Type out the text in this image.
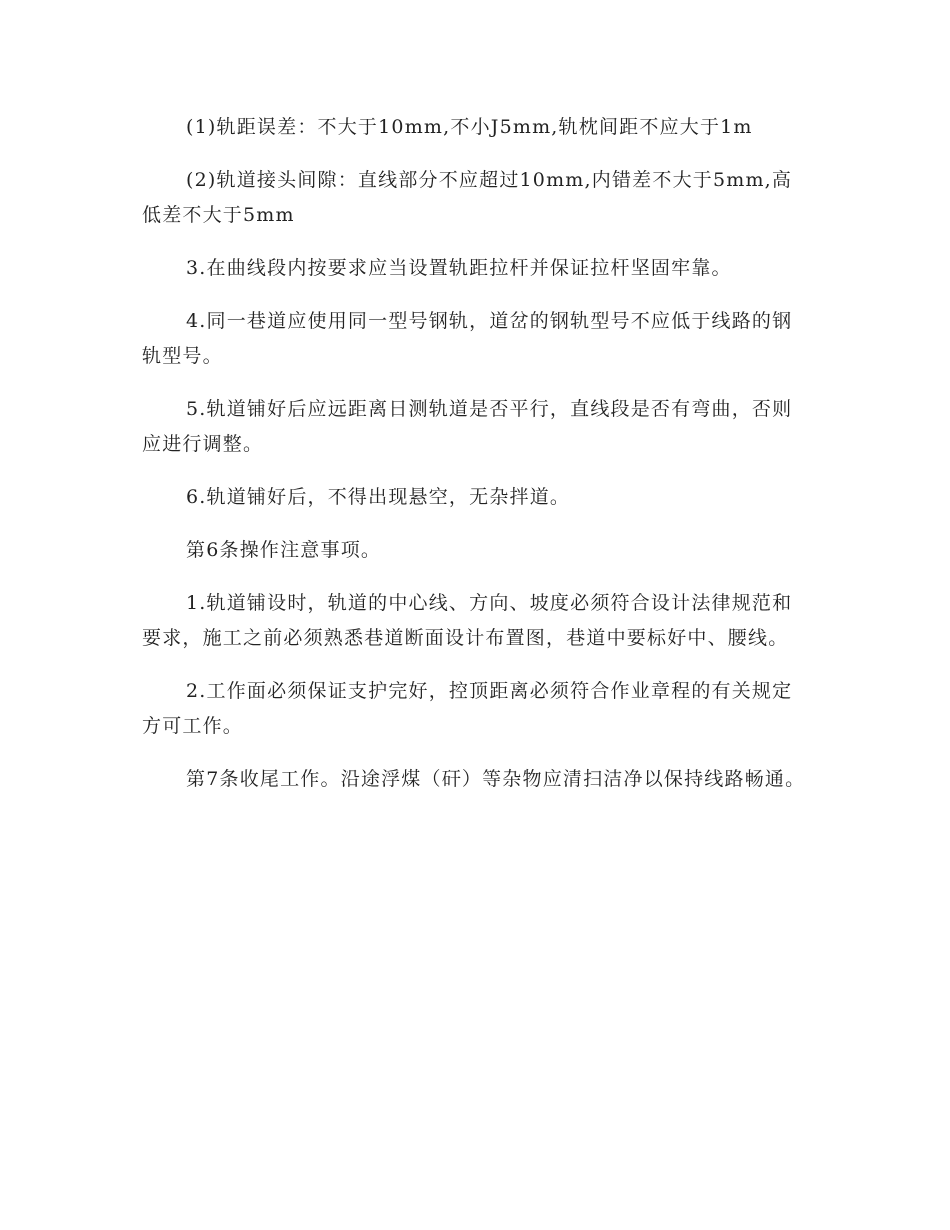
(1)轨距误差：不大于10mm,不小J5mm,轨枕间距不应大于1m

(2)轨道接头间隙：直线部分不应超过10mm,内错差不大于5mm,高低差不大于5mm

3.在曲线段内按要求应当设置轨距拉杆并保证拉杆坚固牢靠。

4.同一巷道应使用同一型号钢轨，道岔的钢轨型号不应低于线路的钢轨型号。

5.轨道铺好后应远距离日测轨道是否平行，直线段是否有弯曲，否则应进行调整。

6.轨道铺好后，不得出现悬空，无杂拌道。

第6条操作注意事项。

1.轨道铺设时，轨道的中心线、方向、坡度必须符合设计法律规范和要求，施工之前必须熟悉巷道断面设计布置图，巷道中要标好中、腰线。

2.工作面必须保证支护完好，控顶距离必须符合作业章程的有关规定方可工作。

第7条收尾工作。沿途浮煤（矸）等杂物应清扫洁净以保持线路畅通。
